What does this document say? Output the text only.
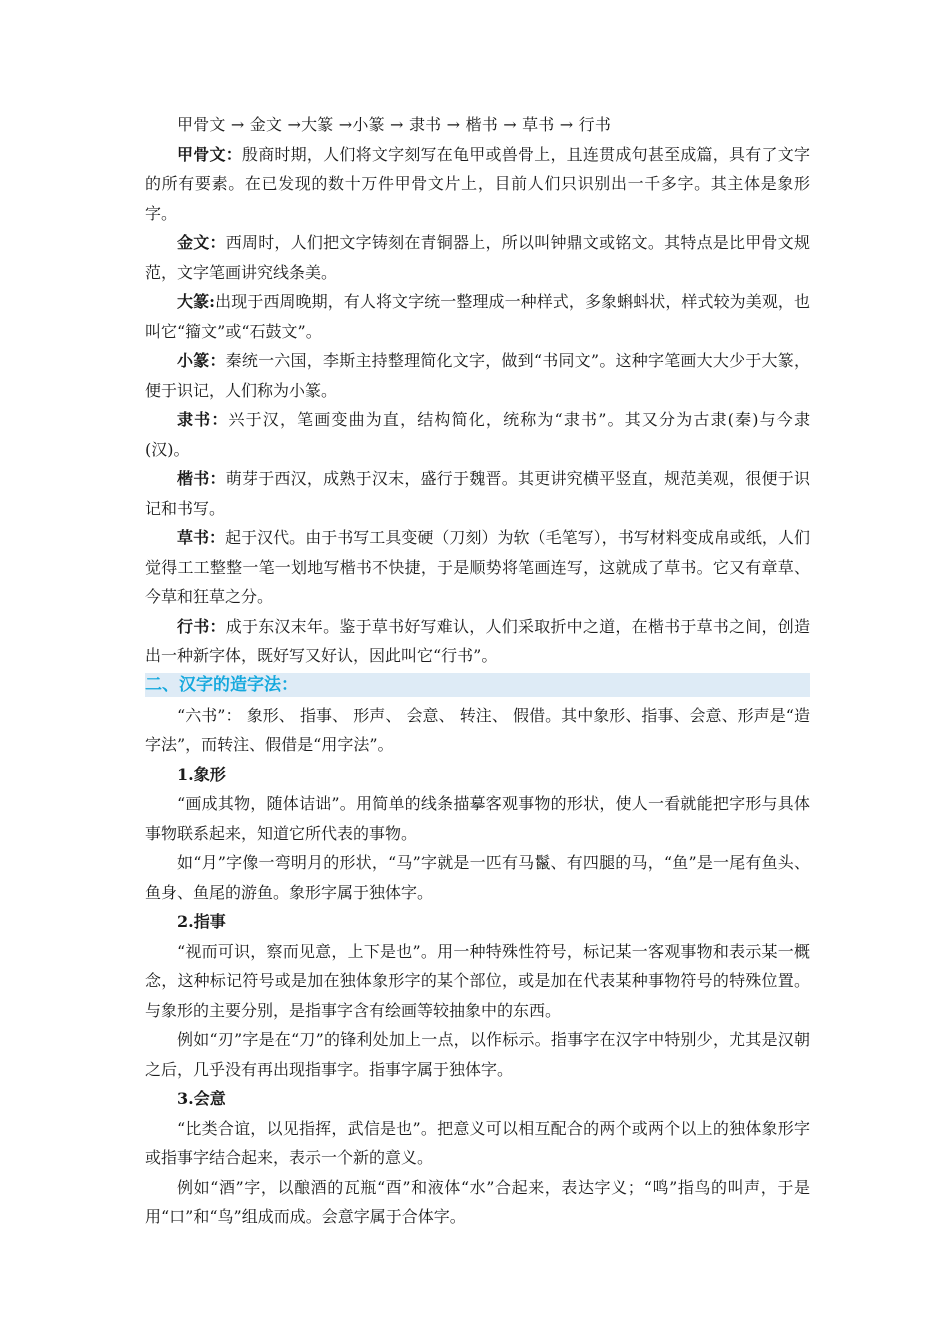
甲骨文 → 金文 →大篆 →小篆 → 隶书 → 楷书 → 草书 → 行书

甲骨文：殷商时期，人们将文字刻写在龟甲或兽骨上，且连贯成句甚至成篇，具有了文字的所有要素。在已发现的数十万件甲骨文片上，目前人们只识别出一千多字。其主体是象形字。

金文：西周时，人们把文字铸刻在青铜器上，所以叫钟鼎文或铭文。其特点是比甲骨文规范，文字笔画讲究线条美。

大篆:出现于西周晚期，有人将文字统一整理成一种样式，多象蝌蚪状，样式较为美观，也叫它“籀文”或“石鼓文”。

小篆：秦统一六国，李斯主持整理简化文字，做到“书同文”。这种字笔画大大少于大篆，便于识记，人们称为小篆。

隶书：兴于汉，笔画变曲为直，结构简化，统称为“隶书”。其又分为古隶(秦)与今隶(汉)。

楷书：萌芽于西汉，成熟于汉末，盛行于魏晋。其更讲究横平竖直，规范美观，很便于识记和书写。

草书：起于汉代。由于书写工具变硬（刀刻）为软（毛笔写），书写材料变成帛或纸，人们觉得工工整整一笔一划地写楷书不快捷，于是顺势将笔画连写，这就成了草书。它又有章草、今草和狂草之分。

行书：成于东汉末年。鉴于草书好写难认，人们采取折中之道，在楷书于草书之间，创造出一种新字体，既好写又好认，因此叫它“行书”。

二、汉字的造字法：

“六书”： 象形、 指事、 形声、 会意、 转注、 假借。其中象形、指事、会意、形声是“造字法”，而转注、假借是“用字法”。

1.象形

“画成其物，随体诘诎”。用简单的线条描摹客观事物的形状，使人一看就能把字形与具体事物联系起来，知道它所代表的事物。

如“月”字像一弯明月的形状，“马”字就是一匹有马鬣、有四腿的马，“鱼”是一尾有鱼头、鱼身、鱼尾的游鱼。象形字属于独体字。

2.指事

“视而可识，察而见意，上下是也”。用一种特殊性符号，标记某一客观事物和表示某一概念，这种标记符号或是加在独体象形字的某个部位，或是加在代表某种事物符号的特殊位置。与象形的主要分别，是指事字含有绘画等较抽象中的东西。

例如“刃”字是在“刀”的锋利处加上一点，以作标示。指事字在汉字中特别少，尤其是汉朝之后，几乎没有再出现指事字。指事字属于独体字。

3.会意

“比类合谊，以见指挥，武信是也”。把意义可以相互配合的两个或两个以上的独体象形字或指事字结合起来，表示一个新的意义。

例如“酒”字，以酿酒的瓦瓶“酉”和液体“水”合起来，表达字义；“鸣”指鸟的叫声，于是用“口”和“鸟”组成而成。会意字属于合体字。
